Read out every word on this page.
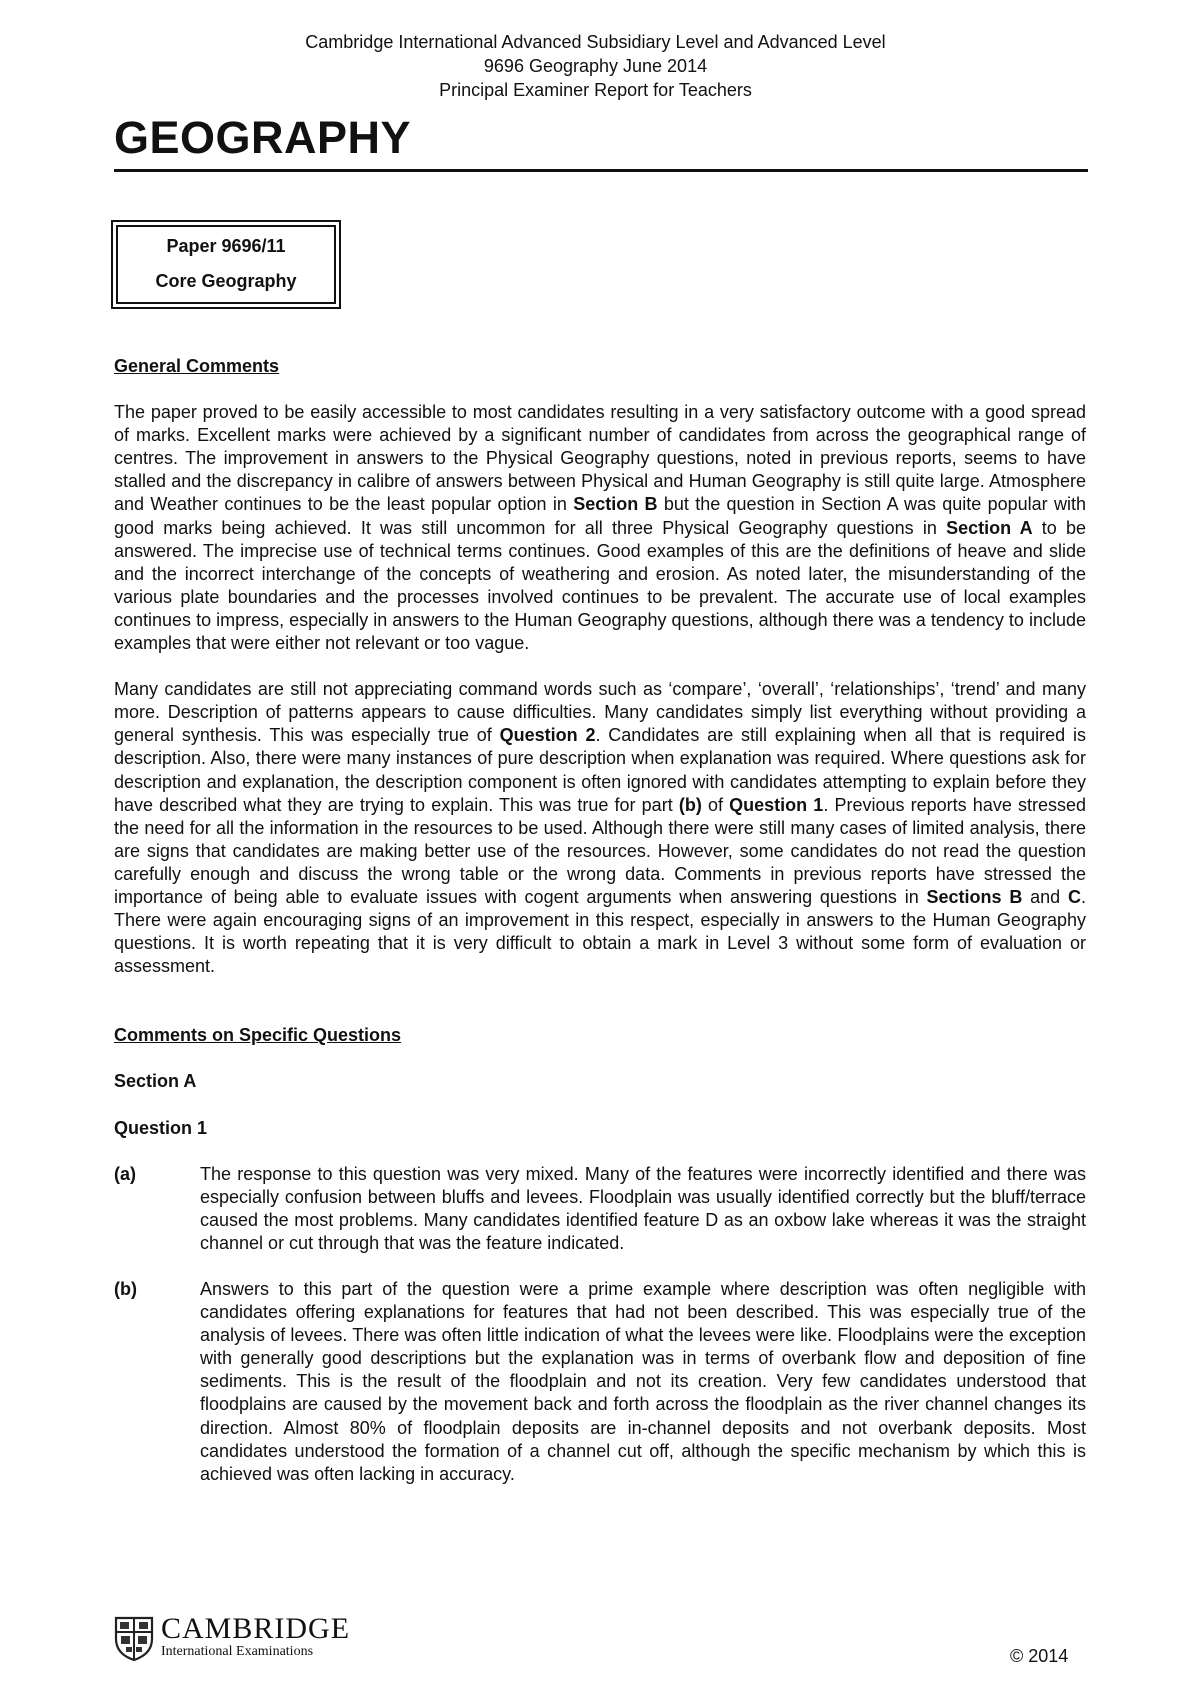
Cambridge International Advanced Subsidiary Level and Advanced Level
9696 Geography June 2014
Principal Examiner Report for Teachers
GEOGRAPHY
Paper 9696/11
Core Geography

General Comments

The paper proved to be easily accessible to most candidates resulting in a very satisfactory outcome with a good spread of marks. Excellent marks were achieved by a significant number of candidates from across the geographical range of centres. The improvement in answers to the Physical Geography questions, noted in previous reports, seems to have stalled and the discrepancy in calibre of answers between Physical and Human Geography is still quite large. Atmosphere and Weather continues to be the least popular option in Section B but the question in Section A was quite popular with good marks being achieved. It was still uncommon for all three Physical Geography questions in Section A to be answered. The imprecise use of technical terms continues. Good examples of this are the definitions of heave and slide and the incorrect interchange of the concepts of weathering and erosion. As noted later, the misunderstanding of the various plate boundaries and the processes involved continues to be prevalent. The accurate use of local examples continues to impress, especially in answers to the Human Geography questions, although there was a tendency to include examples that were either not relevant or too vague.

Many candidates are still not appreciating command words such as ‘compare’, ‘overall’, ‘relationships’, ‘trend’ and many more. Description of patterns appears to cause difficulties. Many candidates simply list everything without providing a general synthesis. This was especially true of Question 2. Candidates are still explaining when all that is required is description. Also, there were many instances of pure description when explanation was required. Where questions ask for description and explanation, the description component is often ignored with candidates attempting to explain before they have described what they are trying to explain. This was true for part (b) of Question 1. Previous reports have stressed the need for all the information in the resources to be used. Although there were still many cases of limited analysis, there are signs that candidates are making better use of the resources. However, some candidates do not read the question carefully enough and discuss the wrong table or the wrong data. Comments in previous reports have stressed the importance of being able to evaluate issues with cogent arguments when answering questions in Sections B and C. There were again encouraging signs of an improvement in this respect, especially in answers to the Human Geography questions. It is worth repeating that it is very difficult to obtain a mark in Level 3 without some form of evaluation or assessment.

Comments on Specific Questions

Section A

Question 1

(a)	The response to this question was very mixed. Many of the features were incorrectly identified and there was especially confusion between bluffs and levees. Floodplain was usually identified correctly but the bluff/terrace caused the most problems. Many candidates identified feature D as an oxbow lake whereas it was the straight channel or cut through that was the feature indicated.
(b)	Answers to this part of the question were a prime example where description was often negligible with candidates offering explanations for features that had not been described. This was especially true of the analysis of levees. There was often little indication of what the levees were like. Floodplains were the exception with generally good descriptions but the explanation was in terms of overbank flow and deposition of fine sediments. This is the result of the floodplain and not its creation. Very few candidates understood that floodplains are caused by the movement back and forth across the floodplain as the river channel changes its direction. Almost 80% of floodplain deposits are in-channel deposits and not overbank deposits. Most candidates understood the formation of a channel cut off, although the specific mechanism by which this is achieved was often lacking in accuracy.
CAMBRIDGE
International Examinations	© 2014
